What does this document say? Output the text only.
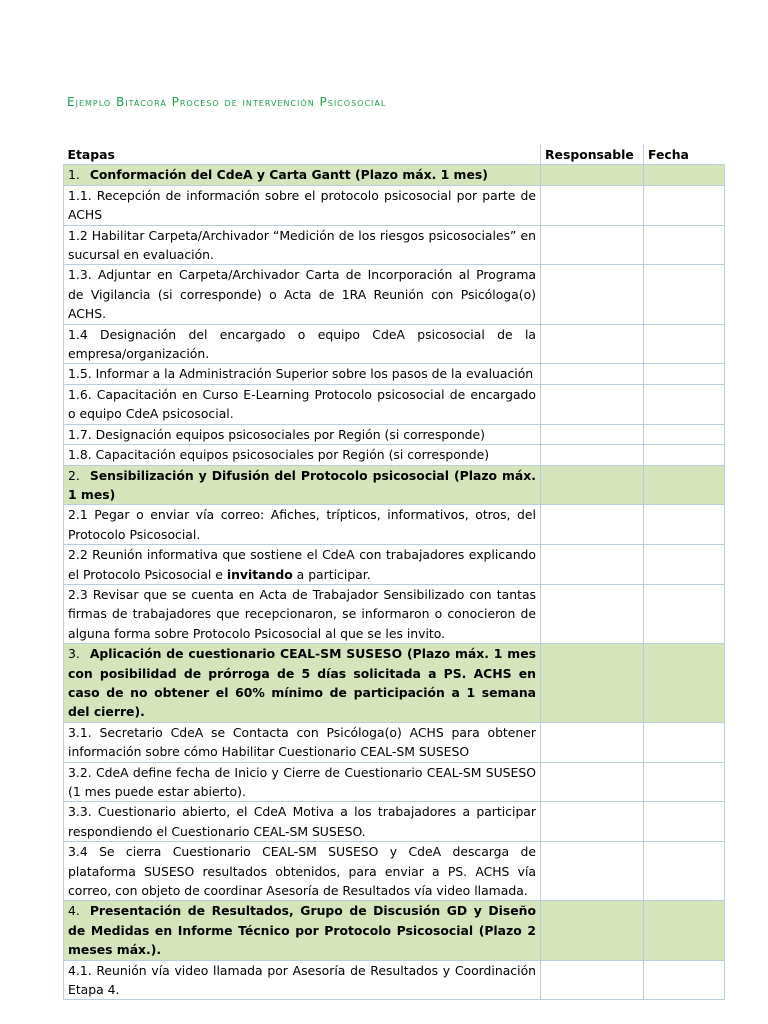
Ejemplo Bitácora Proceso de intervención Psicosocial
Etapas	Responsable	Fecha
1. Conformación del CdeA y Carta Gantt (Plazo máx. 1 mes)		
1.1. Recepción de información sobre el protocolo psicosocial por parte de ACHS		
1.2 Habilitar Carpeta/Archivador “Medición de los riesgos psicosociales” en sucursal en evaluación.		
1.3. Adjuntar en Carpeta/Archivador Carta de Incorporación al Programa de Vigilancia (si corresponde) o Acta de 1RA Reunión con Psicóloga(o) ACHS.		
1.4 Designación del encargado o equipo CdeA psicosocial de la empresa/organización.		
1.5. Informar a la Administración Superior sobre los pasos de la evaluación		
1.6. Capacitación en Curso E-Learning Protocolo psicosocial de encargado o equipo CdeA psicosocial.		
1.7. Designación equipos psicosociales por Región (si corresponde)		
1.8. Capacitación equipos psicosociales por Región (si corresponde)		
2. Sensibilización y Difusión del Protocolo psicosocial (Plazo máx. 1 mes)		
2.1 Pegar o enviar vía correo: Afiches, trípticos, informativos, otros, del Protocolo Psicosocial.		
2.2 Reunión informativa que sostiene el CdeA con trabajadores explicando el Protocolo Psicosocial e invitando a participar.		
2.3 Revisar que se cuenta en Acta de Trabajador Sensibilizado con tantas firmas de trabajadores que recepcionaron, se informaron o conocieron de alguna forma sobre Protocolo Psicosocial al que se les invito.		
3. Aplicación de cuestionario CEAL-SM SUSESO (Plazo máx. 1 mes con posibilidad de prórroga de 5 días solicitada a PS. ACHS en caso de no obtener el 60% mínimo de participación a 1 semana del cierre).		
3.1. Secretario CdeA se Contacta con Psicóloga(o) ACHS para obtener información sobre cómo Habilitar Cuestionario CEAL-SM SUSESO		
3.2. CdeA define fecha de Inicio y Cierre de Cuestionario CEAL-SM SUSESO (1 mes puede estar abierto).		
3.3. Cuestionario abierto, el CdeA Motiva a los trabajadores a participar respondiendo el Cuestionario CEAL-SM SUSESO.		
3.4 Se cierra Cuestionario CEAL-SM SUSESO y CdeA descarga de plataforma SUSESO resultados obtenidos, para enviar a PS. ACHS vía correo, con objeto de coordinar Asesoría de Resultados vía video llamada.		
4. Presentación de Resultados, Grupo de Discusión GD y Diseño de Medidas en Informe Técnico por Protocolo Psicosocial (Plazo 2 meses máx.).		
4.1. Reunión vía video llamada por Asesoría de Resultados y Coordinación Etapa 4.		
